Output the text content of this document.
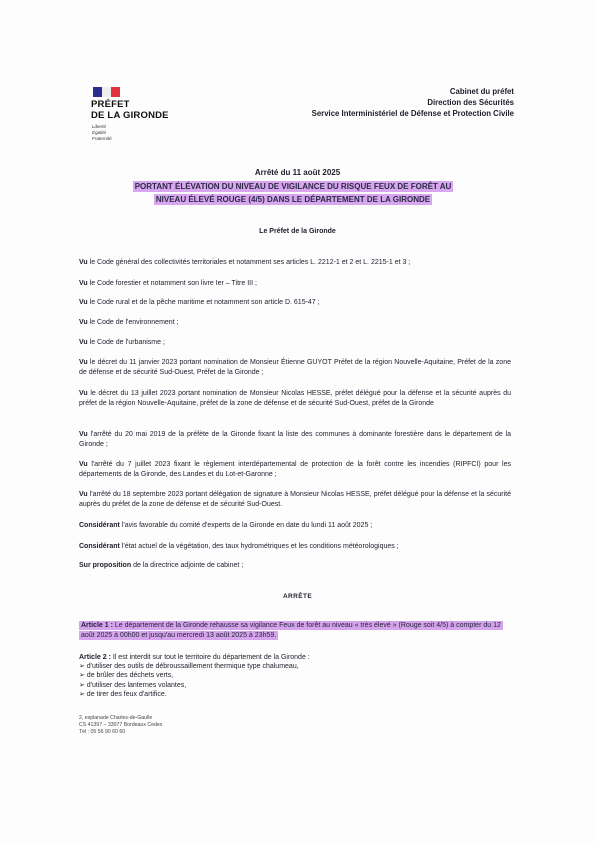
PRÉFET
DE LA GIRONDE
Liberté
Égalité
Fraternité
Cabinet du préfet
Direction des Sécurités
Service Interministériel de Défense et Protection Civile
Arrêté du 11 août 2025
PORTANT ÉLÉVATION DU NIVEAU DE VIGILANCE DU RISQUE FEUX DE FORÊT AU
NIVEAU ÉLEVÉ ROUGE (4/5) DANS LE DÉPARTEMENT DE LA GIRONDE
Le Préfet de la Gironde
Vu le Code général des collectivités territoriales et notamment ses articles L. 2212-1 et 2 et L. 2215-1 et 3 ;
Vu le Code forestier et notamment son livre Ier – Titre III ;
Vu le Code rural et de la pêche maritime et notamment son article D. 615-47 ;
Vu le Code de l'environnement ;
Vu le Code de l'urbanisme ;
Vu le décret du 11 janvier 2023 portant nomination de Monsieur Étienne GUYOT Préfet de la région Nouvelle-Aquitaine, Préfet de la zone de défense et de sécurité Sud-Ouest, Préfet de la Gironde ;
Vu le décret du 13 juillet 2023 portant nomination de Monsieur Nicolas HESSE, préfet délégué pour la défense et la sécurité auprès du préfet de la région Nouvelle-Aquitaine, préfet de la zone de défense et de sécurité Sud-Ouest, préfet de la Gironde
Vu l'arrêté du 20 mai 2019 de la préfète de la Gironde fixant la liste des communes à dominante forestière dans le département de la Gironde ;
Vu l'arrêté du 7 juillet 2023 fixant le règlement interdépartemental de protection de la forêt contre les incendies (RIPFCI) pour les départements de la Gironde, des Landes et du Lot-et-Garonne ;
Vu l'arrêté du 18 septembre 2023 portant délégation de signature à Monsieur Nicolas HESSE, préfet délégué pour la défense et la sécurité auprès du préfet de la zone de défense et de sécurité Sud-Ouest.
Considérant l'avis favorable du comité d'experts de la Gironde en date du lundi 11 août 2025 ;
Considérant l'état actuel de la végétation, des taux hydrométriques et les conditions météorologiques ;
Sur proposition de la directrice adjointe de cabinet ;
ARRÊTE
Article 1 : Le département de la Gironde rehausse sa vigilance Feux de forêt au niveau « très élevé » (Rouge soit 4/5) à compter du 12 août 2025 à 00h00 et jusqu'au mercredi 13 août 2025 à 23h59.

Article 2 : Il est interdit sur tout le territoire du département de la Gironde :

➢ d'utiliser des outils de débroussaillement thermique type chalumeau,

➢ de brûler des déchets verts,

➢ d'utiliser des lanternes volantes,

➢ de tirer des feux d'artifice.

2, esplanade Charles-de-Gaulle
CS 41397 – 33077 Bordeaux Cedex
Tél : 05 56 90 60 60
